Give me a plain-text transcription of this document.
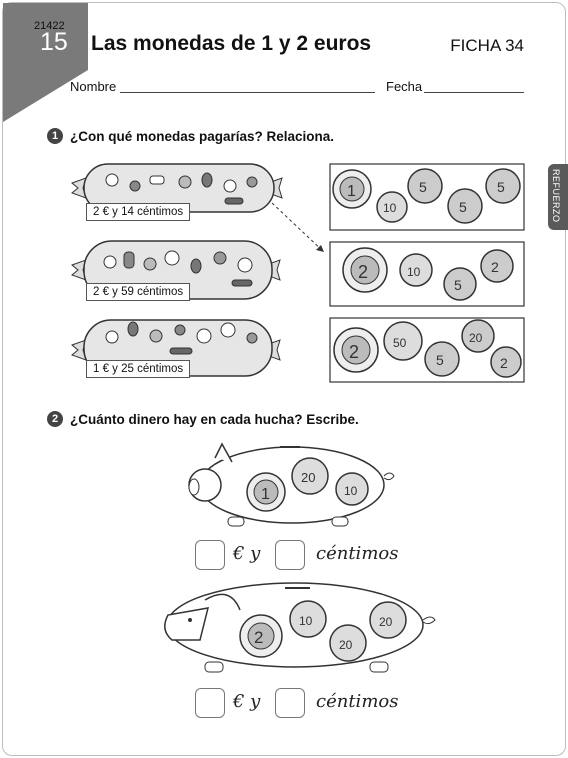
21422
15 Las monedas de 1 y 2 euros	FICHA 34
Nombre	Fecha
REFUERZO
1 ¿Con qué monedas pagarías? Relaciona.
1	5
5
10
5
2	10
5
2
2	50
5
20
2
1
20
10
2
10
20
20
2 € y 14 céntimos
2 € y 59 céntimos
1 € y 25 céntimos
2 ¿Cuánto dinero hay en cada hucha? Escribe.
€ y	céntimos
€ y	céntimos
